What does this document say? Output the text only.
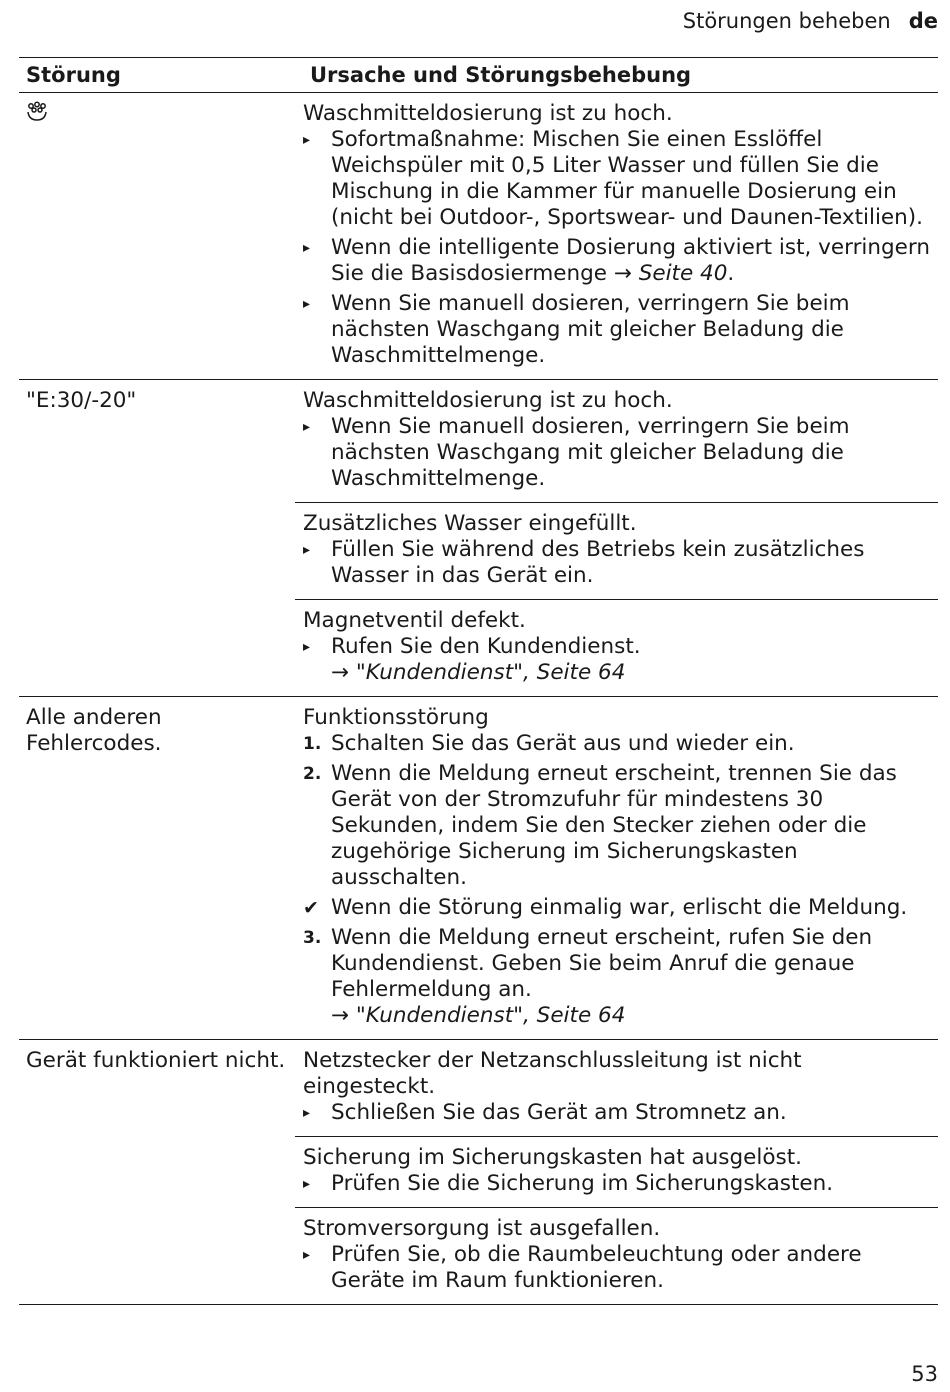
Störungen beheben de
Störung	Ursache und Störungsbehebung

Waschmitteldosierung ist zu hoch.

▸ Sofortmaßnahme: Mischen Sie einen Esslöffel Weichspüler mit 0,5 Liter Wasser und füllen Sie die Mischung in die Kammer für manuelle Dosierung ein (nicht bei Outdoor-, Sportswear- und Daunen-Textilien).
▸ Wenn die intelligente Dosierung aktiviert ist, verringern Sie die Basisdosiermenge → Seite 40.
▸ Wenn Sie manuell dosieren, verringern Sie beim nächsten Waschgang mit gleicher Beladung die Waschmittelmenge.
"E:30/-20"	Waschmitteldosierung ist zu hoch.

▸ Wenn Sie manuell dosieren, verringern Sie beim nächsten Waschgang mit gleicher Beladung die Waschmittelmenge.

Zusätzliches Wasser eingefüllt.

▸ Füllen Sie während des Betriebs kein zusätzliches Wasser in das Gerät ein.

Magnetventil defekt.

▸ Rufen Sie den Kundendienst.
→ "Kundendienst", Seite 64
Alle anderen Fehlercodes.

Funktionsstörung

1. Schalten Sie das Gerät aus und wieder ein.
2. Wenn die Meldung erneut erscheint, trennen Sie das Gerät von der Stromzufuhr für mindestens 30 Sekunden, indem Sie den Stecker ziehen oder die zugehörige Sicherung im Sicherungskasten ausschalten.
✔ Wenn die Störung einmalig war, erlischt die Meldung.
3. Wenn die Meldung erneut erscheint, rufen Sie den Kundendienst. Geben Sie beim Anruf die genaue Fehlermeldung an.
→ "Kundendienst", Seite 64
Gerät funktioniert nicht. Netzstecker der Netzanschlussleitung ist nicht eingesteckt.

▸ Schließen Sie das Gerät am Stromnetz an.

Sicherung im Sicherungskasten hat ausgelöst.

▸ Prüfen Sie die Sicherung im Sicherungskasten.

Stromversorgung ist ausgefallen.

▸ Prüfen Sie, ob die Raumbeleuchtung oder andere Geräte im Raum funktionieren.
53
